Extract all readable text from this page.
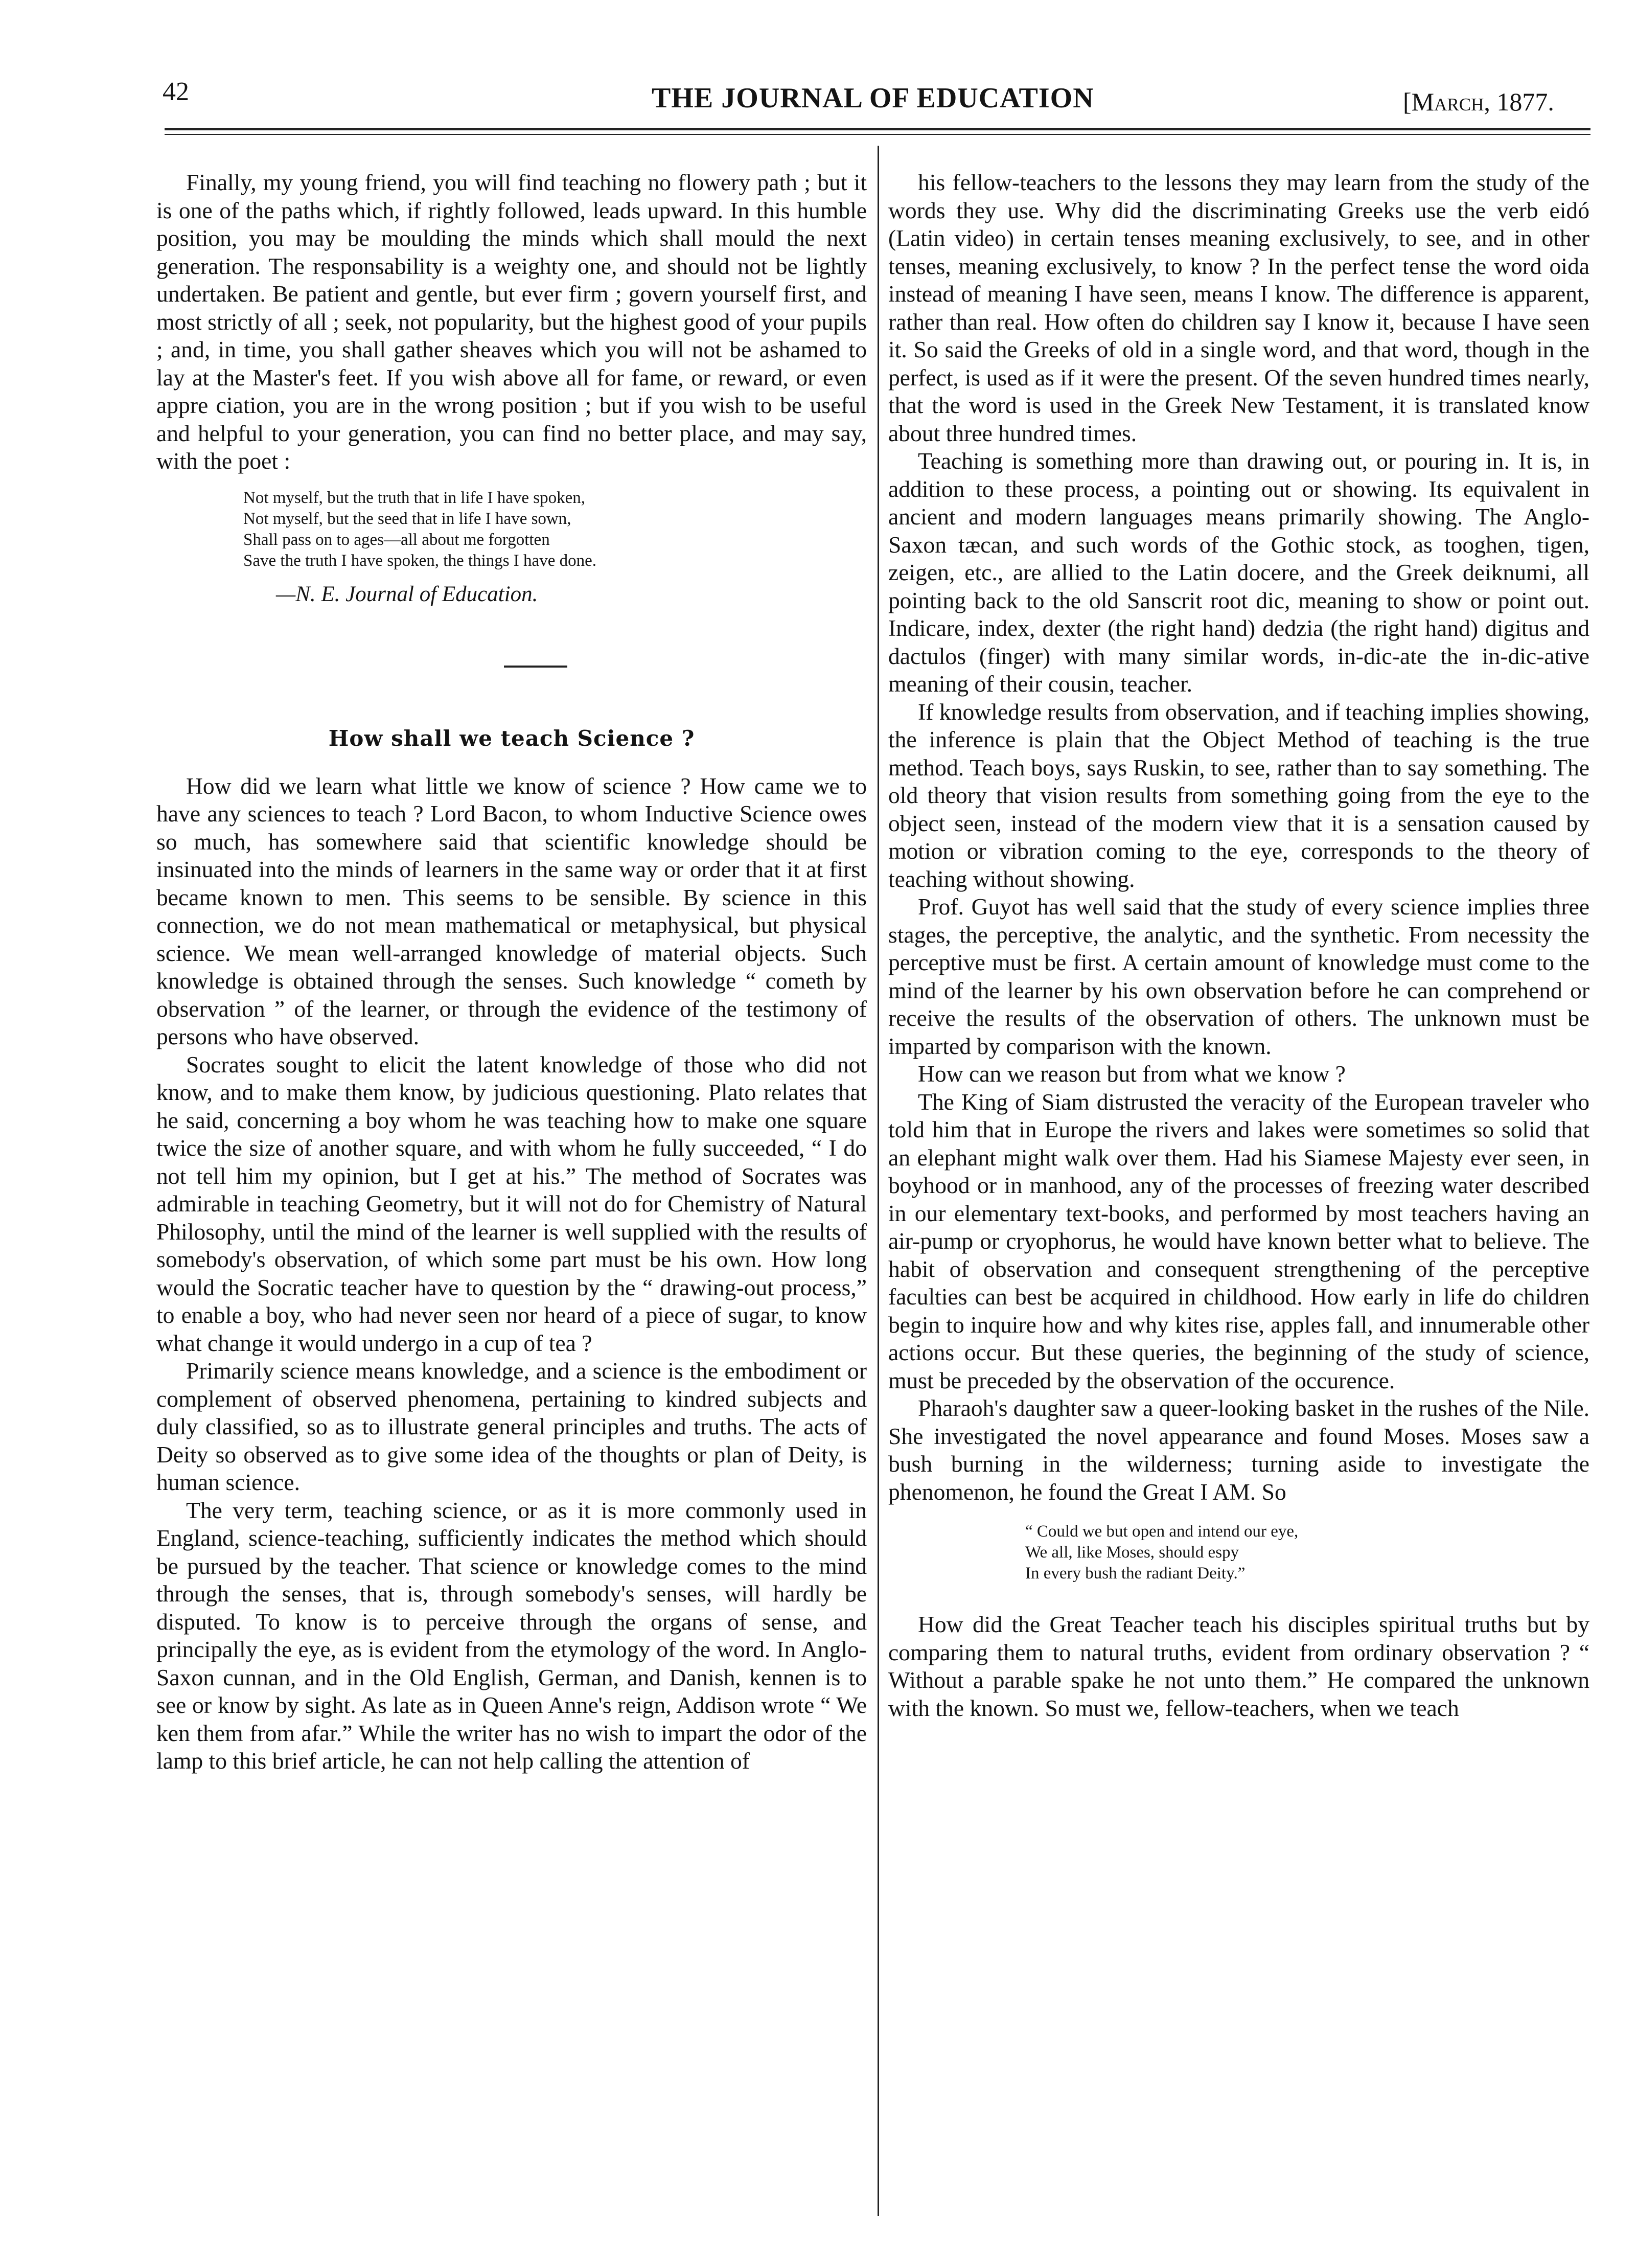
42	THE JOURNAL OF EDUCATION	[March, 1877.

Finally, my young friend, you will find teaching no flowery path ; but it is one of the paths which, if rightly followed, leads upward. In this humble position, you may be moulding the minds which shall mould the next generation. The responsability is a weighty one, and should not be lightly undertaken. Be patient and gentle, but ever firm ; govern yourself first, and most strictly of all ; seek, not popularity, but the highest good of your pupils ; and, in time, you shall gather sheaves which you will not be ashamed to lay at the Master's feet. If you wish above all for fame, or reward, or even appre ciation, you are in the wrong position ; but if you wish to be useful and helpful to your generation, you can find no better place, and may say, with the poet :

Not myself, but the truth that in life I have spoken,
Not myself, but the seed that in life I have sown,
Shall pass on to ages—all about me forgotten
Save the truth I have spoken, the things I have done.
—N. E. Journal of Education.
How shall we teach Science ?

How did we learn what little we know of science ? How came we to have any sciences to teach ? Lord Bacon, to whom Inductive Science owes so much, has somewhere said that scientific knowledge should be insinuated into the minds of learners in the same way or order that it at first became known to men. This seems to be sensible. By science in this connection, we do not mean mathematical or metaphysical, but physical science. We mean well-arranged knowledge of material objects. Such knowledge is obtained through the senses. Such knowledge “ cometh by observation ” of the learner, or through the evidence of the testimony of persons who have observed.

Socrates sought to elicit the latent knowledge of those who did not know, and to make them know, by judicious questioning. Plato relates that he said, concerning a boy whom he was teaching how to make one square twice the size of another square, and with whom he fully succeeded, “ I do not tell him my opinion, but I get at his.” The method of Socrates was admirable in teaching Geometry, but it will not do for Chemistry of Natural Philosophy, until the mind of the learner is well supplied with the results of somebody's observation, of which some part must be his own. How long would the Socratic teacher have to question by the “ drawing-out process,” to enable a boy, who had never seen nor heard of a piece of sugar, to know what change it would undergo in a cup of tea ?

Primarily science means knowledge, and a science is the embodiment or complement of observed phenomena, pertaining to kindred subjects and duly classified, so as to illustrate general principles and truths. The acts of Deity so observed as to give some idea of the thoughts or plan of Deity, is human science.

The very term, teaching science, or as it is more commonly used in England, science-teaching, sufficiently indicates the method which should be pursued by the teacher. That science or knowledge comes to the mind through the senses, that is, through somebody's senses, will hardly be disputed. To know is to perceive through the organs of sense, and principally the eye, as is evident from the etymology of the word. In Anglo-Saxon cunnan, and in the Old English, German, and Danish, kennen is to see or know by sight. As late as in Queen Anne's reign, Addison wrote “ We ken them from afar.” While the writer has no wish to impart the odor of the lamp to this brief article, he can not help calling the attention of

his fellow-teachers to the lessons they may learn from the study of the words they use. Why did the discriminating Greeks use the verb eidó (Latin video) in certain tenses meaning exclusively, to see, and in other tenses, meaning exclusively, to know ? In the perfect tense the word oida instead of meaning I have seen, means I know. The difference is apparent, rather than real. How often do children say I know it, because I have seen it. So said the Greeks of old in a single word, and that word, though in the perfect, is used as if it were the present. Of the seven hundred times nearly, that the word is used in the Greek New Testament, it is translated know about three hundred times.

Teaching is something more than drawing out, or pouring in. It is, in addition to these process, a pointing out or showing. Its equivalent in ancient and modern languages means primarily showing. The Anglo-Saxon tæcan, and such words of the Gothic stock, as tooghen, tigen, zeigen, etc., are allied to the Latin docere, and the Greek deiknumi, all pointing back to the old Sanscrit root dic, meaning to show or point out. Indicare, index, dexter (the right hand) dedzia (the right hand) digitus and dactulos (finger) with many similar words, in-dic-ate the in-dic-ative meaning of their cousin, teacher.

If knowledge results from observation, and if teaching implies showing, the inference is plain that the Object Method of teaching is the true method. Teach boys, says Ruskin, to see, rather than to say something. The old theory that vision results from something going from the eye to the object seen, instead of the modern view that it is a sensation caused by motion or vibration coming to the eye, corresponds to the theory of teaching without showing.

Prof. Guyot has well said that the study of every science implies three stages, the perceptive, the analytic, and the synthetic. From necessity the perceptive must be first. A certain amount of knowledge must come to the mind of the learner by his own observation before he can comprehend or receive the results of the observation of others. The unknown must be imparted by comparison with the known.

How can we reason but from what we know ?

The King of Siam distrusted the veracity of the European traveler who told him that in Europe the rivers and lakes were sometimes so solid that an elephant might walk over them. Had his Siamese Majesty ever seen, in boyhood or in manhood, any of the processes of freezing water described in our elementary text-books, and performed by most teachers having an air-pump or cryophorus, he would have known better what to believe. The habit of observation and consequent strengthening of the perceptive faculties can best be acquired in childhood. How early in life do children begin to inquire how and why kites rise, apples fall, and innumerable other actions occur. But these queries, the beginning of the study of science, must be preceded by the observation of the occurence.

Pharaoh's daughter saw a queer-looking basket in the rushes of the Nile. She investigated the novel appearance and found Moses. Moses saw a bush burning in the wilderness; turning aside to investigate the phenomenon, he found the Great I AM. So

“ Could we but open and intend our eye,
We all, like Moses, should espy
In every bush the radiant Deity.”

How did the Great Teacher teach his disciples spiritual truths but by comparing them to natural truths, evident from ordinary observation ? “ Without a parable spake he not unto them.” He compared the unknown with the known. So must we, fellow-teachers, when we teach
